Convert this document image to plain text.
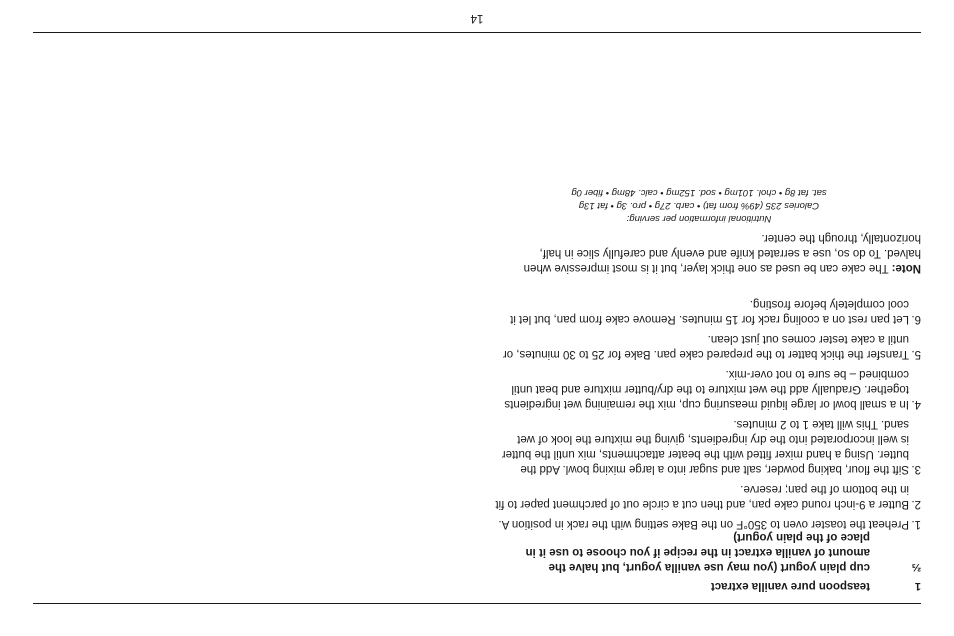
1
teaspoon pure vanilla extract
⅔
cup plain yogurt (you may use vanilla yogurt, but halve the amount of vanilla extract in the recipe if you choose to use it in place of the plain yogurt)
1.
Preheat the toaster oven to 350°F on the Bake setting with the rack in position A.
2.
Butter a 9-inch round cake pan, and then cut a circle out of parchment paper to fit in the bottom of the pan; reserve.
3.
Sift the flour, baking powder, salt and sugar into a large mixing bowl. Add the butter. Using a hand mixer fitted with the beater attachments, mix until the butter is well incorporated into the dry ingredients, giving the mixture the look of wet sand. This will take 1 to 2 minutes.
4.
In a small bowl or large liquid measuring cup, mix the remaining wet ingredients together. Gradually add the wet mixture to the dry/butter mixture and beat until combined – be sure to not over-mix.
5.
Transfer the thick batter to the prepared cake pan. Bake for 25 to 30 minutes, or until a cake tester comes out just clean.
6.
Let pan rest on a cooling rack for 15 minutes. Remove cake from pan, but let it cool completely before frosting.
Note: The cake can be used as one thick layer, but it is most impressive when halved. To do so, use a serrated knife and evenly and carefully slice in half, horizontally, through the center.
Nutritional information per serving:
Calories 235 (49% from fat) • carb. 27g • pro. 3g • fat 13g
sat. fat 8g • chol. 101mg • sod. 152mg • calc. 48mg • fiber 0g
14
